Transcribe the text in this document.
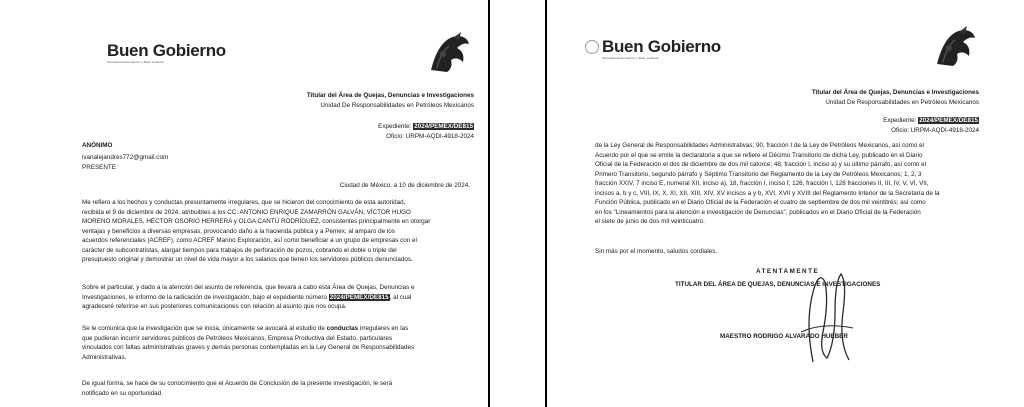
Buen Gobierno
Secretaría Anticorrupción y Buen Gobierno
Titular del Área de Quejas, Denuncias e Investigaciones
Unidad De Responsabilidades en Petróleos Mexicanos
Expediente: 2024/PEMEX/DE815
Oficio: URPM-AQDI-4918-2024
ANÓNIMO
ivanalejandres772@gmail.com
PRESENTE
Ciudad de México, a 10 de diciembre de 2024.
Me refiero a los hechos y conductas presuntamente irregulares, que se hicieron del conocimiento de esta autoridad,
recibida el 9 de diciembre de 2024, atribuibles a los CC. ANTONIO ENRIQUE ZAMARRÓN GALVÁN, VÍCTOR HUGO
MORENO MORALES, HÉCTOR OSORIO HERRERA y OLGA CANTÚ RODRÍGUEZ, consistentes principalmente en otorgar
ventajas y beneficios a diversas empresas, provocando daño a la hacienda pública y a Pemex, al amparo de los
acuerdos referenciales (ACREF), como ACREF Marino Exploración, así como beneficiar a un grupo de empresas con el
carácter de subcontratistas, alargar tiempos para trabajos de perforación de pozos, cobrando el doble o triple del
presupuesto original y demostrar un nivel de vida mayor a los salarios que tienen los servidores públicos denunciados.
Sobre el particular, y dado a la atención del asunto de referencia, que llevará a cabo esta Área de Quejas, Denuncias e
Investigaciones, le informo de la radicación de investigación, bajo el expediente número 2024/PEMEX/DE815, al cual
agradeceré referirse en sus posteriores comunicaciones con relación al asunto que nos ocupa.
Se le comunica que la investigación que se inicia, únicamente se avocará al estudio de conductas irregulares en las
que pudieran incurrir servidores públicos de Petróleos Mexicanos, Empresa Productiva del Estado, particulares
vinculados con faltas administrativas graves y demás personas contempladas en la Ley General de Responsabilidades
Administrativas.
De igual forma, se hace de su conocimiento que el Acuerdo de Conclusión de la presente investigación, le será
notificado en su oportunidad.
Buen Gobierno
Secretaría Anticorrupción y Buen Gobierno
Titular del Área de Quejas, Denuncias e Investigaciones
Unidad De Responsabilidades en Petróleos Mexicanos
Expediente: 2024/PEMEX/DE815
Oficio: URPM-AQDI-4918-2024
de la Ley General de Responsabilidades Administrativas; 90, fracción I de la Ley de Petróleos Mexicanos, así como el
Acuerdo por el que se emite la declaratoria a que se refiere el Décimo Transitorio de dicha Ley, publicado en el Diario
Oficial de la Federación el dos de diciembre de dos mil catorce; 48, fracción I, inciso a) y su último párrafo, así como el
Primero Transitorio, segundo párrafo y Séptimo Transitorio del Reglamento de la Ley de Petróleos Mexicanos; 1, 2, 3
fracción XXIV, 7 inciso E, numeral XII, inciso a), 18, fracción I, inciso f, 126, fracción I, 128 fracciones II, III, IV, V, VI, VII,
incisos a, b y c, VIII, IX, X, XI, XII, XIII, XIV, XV incisos a y b, XVI, XVII y XVIII del Reglamento Interior de la Secretaría de la
Función Pública, publicado en el Diario Oficial de la Federación el cuatro de septiembre de dos mil veintitrés; así como
en los "Lineamientos para la atención e investigación de Denuncias", publicados en el Diario Oficial de la Federación
el siete de junio de dos mil veinticuatro.
Sin más por el momento, saludos cordiales.
ATENTAMENTE
TITULAR DEL ÁREA DE QUEJAS, DENUNCIAS E INVESTIGACIONES
MAESTRO RODRIGO ALVARADO HUEBER
